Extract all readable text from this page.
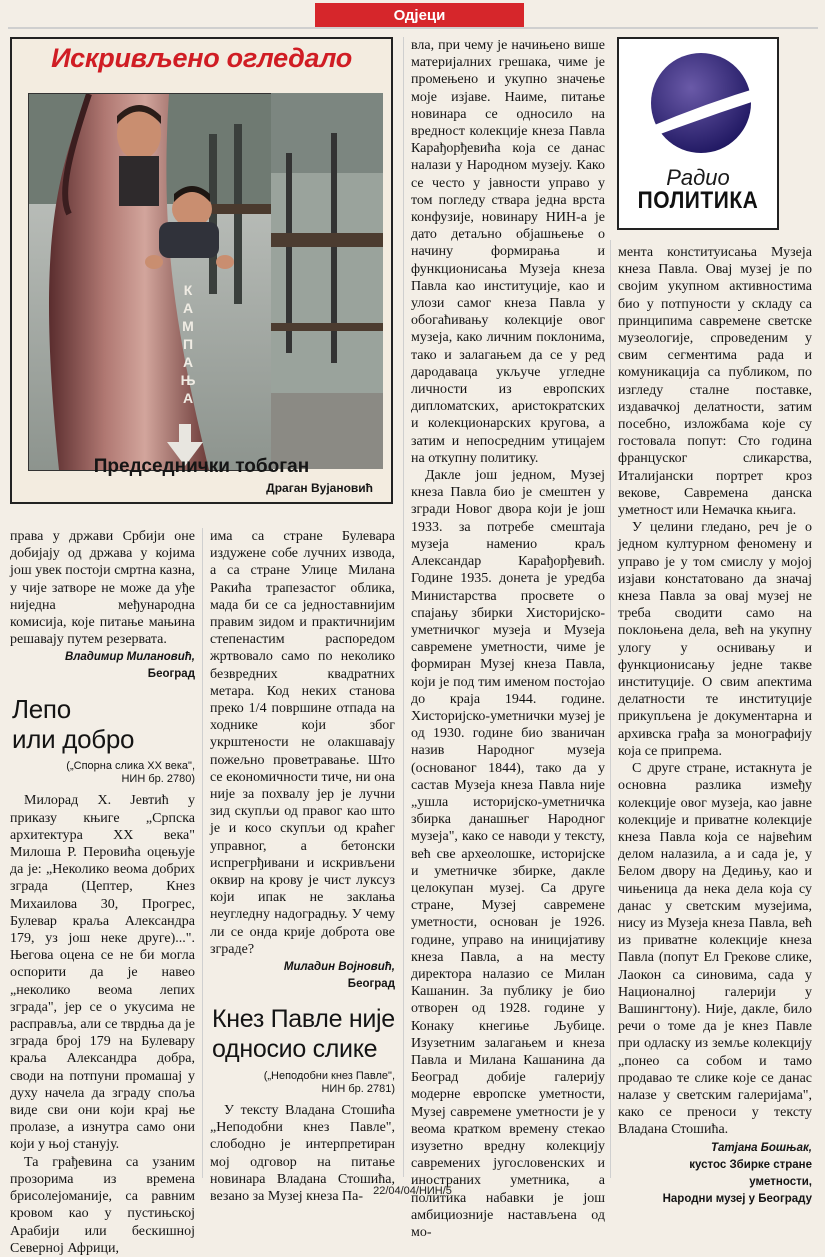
Одјеци
Искривљено огледало
КАМПАЊА
Председнички тобоган
Драган Вујановић
Радио
ПОЛИТИКА

права у држави Србији оне добијају од држава у којима још увек постоји смртна казна, у чије затворе не може да уђе ниједна међународна комисија, које питање мањина решавају путем резервата.

Владимир Милановић,
Београд
Лепо
или добро
(„Спорна слика XX века",
НИН бр. 2780)

Милорад Х. Јевтић у приказу књиге „Српска архитектура XX века" Милоша Р. Перовића оцењује да је: „Неколико веома добрих зграда (Цептер, Кнез Михаилова 30, Прогрес, Булевар краља Александра 179, уз још неке друге)...". Његова оцена се не би могла оспорити да је навео „неколико веома лепих зграда", јер се о укусима не расправља, али се тврдња да је зграда број 179 на Булевару краља Александра добра, своди на потпуни промашај у духу начела да зграду споља виде сви они који крај ње пролазе, а изнутра само они који у њој станују.

Та грађевина са узаним прозорима из времена брисолејоманије, са равним кровом као у пустињској Арабији или бескишној Северној Африци,

има са стране Булевара издужене собе лучних извода, а са стране Улице Милана Ракића трапезастог облика, мада би се са једноставнијим правим зидом и практичнијим степенастим распоредом жртвовало само по неколико безвредних квадратних метара. Код неких станова преко 1/4 површине отпада на ходнике који због укрштености не олакшавају пожељно проветравање. Што се економичности тиче, ни она није за похвалу јер је лучни зид скупљи од правог као што је и косо скупљи од краћег управног, а бетонски испрегрђивани и искривљени оквир на крову је чист луксуз који ипак не заклања неугледну надоградњу. У чему ли се онда крије доброта ове зграде?

Миладин Војновић,
Београд
Кнез Павле није
односио слике
(„Неподобни кнез Павле",
НИН бр. 2781)

У тексту Владана Стошића „Неподобни кнез Павле", слободно је интерпретиран мој одговор на питање новинара Владана Стошића, везано за Музеј кнеза Па-

вла, при чему је начињено више материјалних грешака, чиме је промењено и укупно значење моје изјаве. Наиме, питање новинара се односило на вредност колекције кнеза Павла Карађорђевића која се данас налази у Народном музеју. Како се често у јавности управо у том погледу ствара једна врста конфузије, новинару НИН-а је дато детаљно објашњење о начину формирања и функционисања Музеја кнеза Павла као институције, као и улози самог кнеза Павла у обогаћивању колекције овог музеја, како личним поклонима, тако и залагањем да се у ред дародаваца укључе угледне личности из европских дипломатских, аристократских и колекционарских кругова, а затим и непосредним утицајем на откупну политику.

Дакле још једном, Музеј кнеза Павла био је смештен у згради Новог двора који је још 1933. за потребе смештаја музеја наменио краљ Александар Карађорђевић. Године 1935. донета је уредба Министарства просвете о спајању збирки Хисторијско-уметничког музеја и Музеја савремене уметности, чиме је формиран Музеј кнеза Павла, који је под тим именом постојао до краја 1944. године. Хисторијско-уметнички музеј је од 1930. године био званичан назив Народног музеја (основаног 1844), тако да у састав Музеја кнеза Павла није „ушла историјско-уметничка збирка данашњег Народног музеја", како се наводи у тексту, већ све археолошке, историјске и уметничке збирке, дакле целокупан музеј. Са друге стране, Музеј савремене уметности, основан је 1926. године, управо на иницијативу кнеза Павла, а на месту директора налазио се Милан Кашанин. За публику је био отворен од 1928. године у Конаку кнегиње Љубице. Изузетним залагањем и кнеза Павла и Милана Кашанина да Београд добије галерију модерне европске уметности, Музеј савремене уметности је у веома кратком времену стекао изузетно вредну колекцију савремених југословенских и иностраних уметника, а политика набавки је још амбициозније настављена од мо-

мента конституисања Музеја кнеза Павла. Овај музеј је по својим укупном активностима био у потпуности у складу са принципима савремене светске музеологије, спроведеним у свим сегментима рада и комуникација са публиком, по изгледу сталне поставке, издавачкој делатности, затим посебно, изложбама које су гостовала попут: Сто година француског сликарства, Италијански портрет кроз векове, Савремена данска уметност или Немачка књига.

У целини гледано, реч је о једном културном феномену и управо је у том смислу у мојој изјави констатовано да значај кнеза Павла за овај музеј не треба сводити само на поклоњена дела, већ на укупну улогу у оснивању и функционисању једне такве институције. О свим апектима делатности те институције прикупљена је документарна и архивска грађа за монографију која се припрема.

С друге стране, истакнута је основна разлика између колекције овог музеја, као јавне колекције и приватне колекције кнеза Павла која се највећим делом налазила, а и сада је, у Белом двору на Дедињу, као и чињеница да нека дела која су данас у светским музејима, нису из Музеја кнеза Павла, већ из приватне колекције кнеза Павла (попут Ел Грекове слике, Лаокон са синовима, сада у Националној галерији у Вашингтону). Није, дакле, било речи о томе да је кнез Павле при одласку из земље колекцију „понео са собом и тамо продавао те слике које се данас налазе у светским галеријама", како се преноси у тексту Владана Стошића.

Татјана Бошњак,
кустос Збирке стране
уметности,
Народни музеј у Београду
22/04/04/НИН/5
